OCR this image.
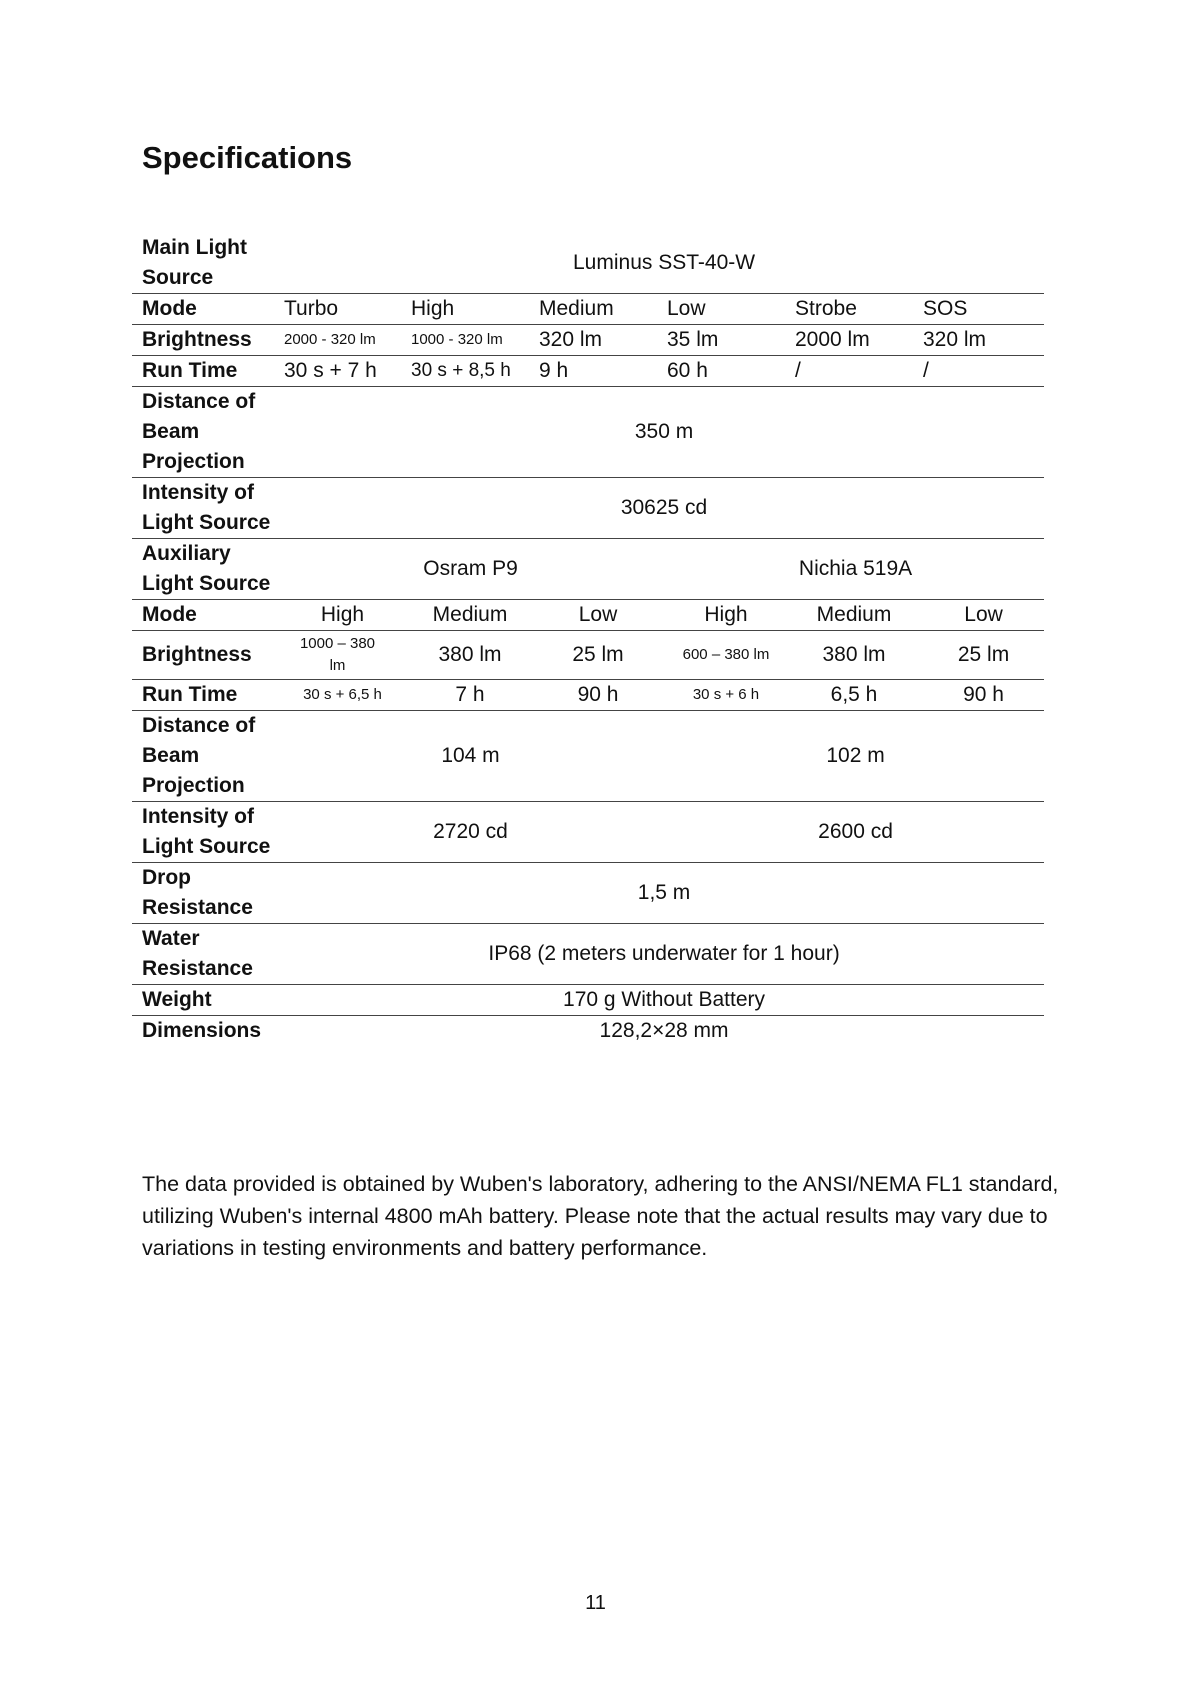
Specifications
Main Light Source	Luminus SST-40-W					
Mode	Turbo	High	Medium	Low	Strobe	SOS
Brightness	2000 - 320 lm	1000 - 320 lm	320 lm	35 lm	2000 lm	320 lm
Run Time	30 s + 7 h	30 s + 8,5 h	9 h	60 h	/	/
Distance of Beam Projection	350 m					
Intensity of Light Source	30625 cd					
Auxiliary Light Source	Osram P9			Nichia 519A		
Mode	High	Medium	Low	High	Medium	Low
Brightness	1000 – 380 lm	380 lm	25 lm	600 – 380 lm	380 lm	25 lm
Run Time	30 s + 6,5 h	7 h	90 h	30 s + 6 h	6,5 h	90 h
Distance of Beam Projection	104 m			102 m		
Intensity of Light Source	2720 cd			2600 cd		
Drop Resistance	1,5 m					
Water Resistance	IP68 (2 meters underwater for 1 hour)					
Weight	170 g Without Battery					
Dimensions	128,2×28 mm					

The data provided is obtained by Wuben's laboratory, adhering to the ANSI/NEMA FL1 standard, utilizing Wuben's internal 4800 mAh battery. Please note that the actual results may vary due to variations in testing environments and battery performance.

11
